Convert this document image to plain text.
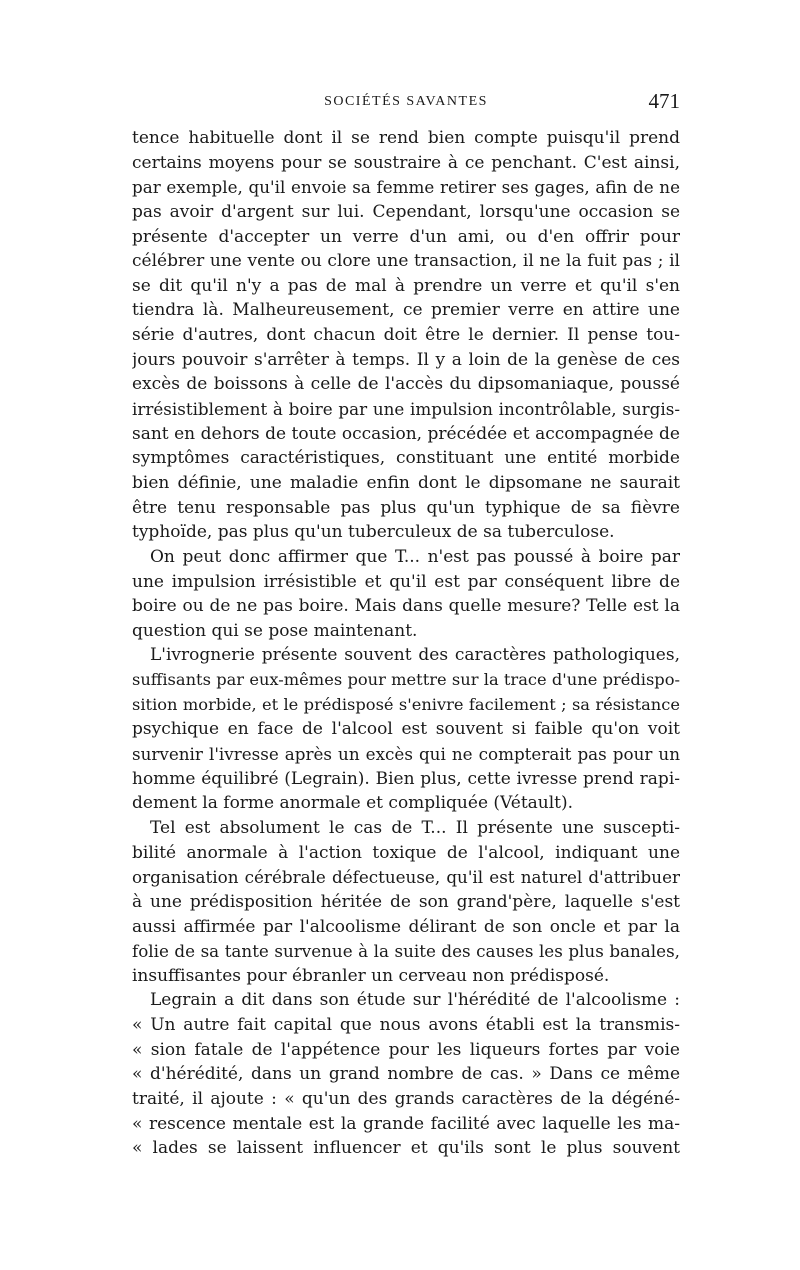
SOCIÉTÉS SAVANTES	471
tence habituelle dont il se rend bien compte puisqu'il prend
certains moyens pour se soustraire à ce penchant. C'est ainsi,
par exemple, qu'il envoie sa femme retirer ses gages, afin de ne
pas avoir d'argent sur lui. Cependant, lorsqu'une occasion se
présente d'accepter un verre d'un ami, ou d'en offrir pour
célébrer une vente ou clore une transaction, il ne la fuit pas ; il
se dit qu'il n'y a pas de mal à prendre un verre et qu'il s'en
tiendra là. Malheureusement, ce premier verre en attire une
série d'autres, dont chacun doit être le dernier. Il pense tou-
jours pouvoir s'arrêter à temps. Il y a loin de la genèse de ces
excès de boissons à celle de l'accès du dipsomaniaque, poussé
irrésistiblement à boire par une impulsion incontrôlable, surgis-
sant en dehors de toute occasion, précédée et accompagnée de
symptômes caractéristiques, constituant une entité morbide
bien définie, une maladie enfin dont le dipsomane ne saurait
être tenu responsable pas plus qu'un typhique de sa fièvre
typhoïde, pas plus qu'un tuberculeux de sa tuberculose.
On peut donc affirmer que T... n'est pas poussé à boire par
une impulsion irrésistible et qu'il est par conséquent libre de
boire ou de ne pas boire. Mais dans quelle mesure? Telle est la
question qui se pose maintenant.
L'ivrognerie présente souvent des caractères pathologiques,
suffisants par eux-mêmes pour mettre sur la trace d'une prédispo-
sition morbide, et le prédisposé s'enivre facilement ; sa résistance
psychique en face de l'alcool est souvent si faible qu'on voit
survenir l'ivresse après un excès qui ne compterait pas pour un
homme équilibré (Legrain). Bien plus, cette ivresse prend rapi-
dement la forme anormale et compliquée (Vétault).
Tel est absolument le cas de T... Il présente une suscepti-
bilité anormale à l'action toxique de l'alcool, indiquant une
organisation cérébrale défectueuse, qu'il est naturel d'attribuer
à une prédisposition héritée de son grand'père, laquelle s'est
aussi affirmée par l'alcoolisme délirant de son oncle et par la
folie de sa tante survenue à la suite des causes les plus banales,
insuffisantes pour ébranler un cerveau non prédisposé.
Legrain a dit dans son étude sur l'hérédité de l'alcoolisme :
« Un autre fait capital que nous avons établi est la transmis-
« sion fatale de l'appétence pour les liqueurs fortes par voie
« d'hérédité, dans un grand nombre de cas. » Dans ce même
traité, il ajoute : « qu'un des grands caractères de la dégéné-
« rescence mentale est la grande facilité avec laquelle les ma-
« lades se laissent influencer et qu'ils sont le plus souvent
